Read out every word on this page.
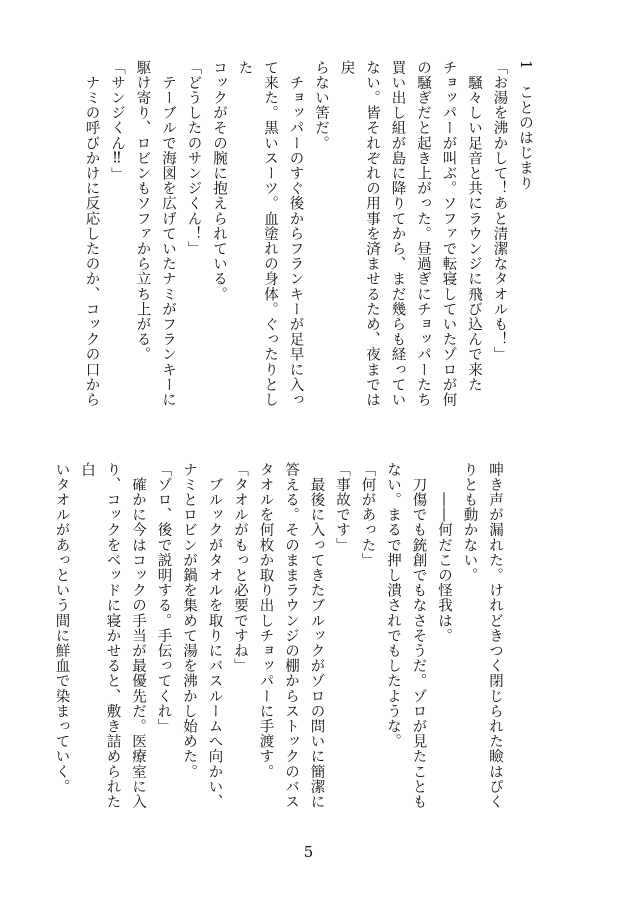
1　ことのはじまり

「お湯を沸かして！あと清潔なタオルも！」

　騒々しい足音と共にラウンジに飛び込んで来た

チョッパーが叫ぶ。ソファで転寝していたゾロが何

の騒ぎだと起き上がった。昼過ぎにチョッパーたち

買い出し組が島に降りてから、まだ幾らも経ってい

ない。皆それぞれの用事を済ませるため、夜までは戻

らない筈だ。

　チョッパーのすぐ後からフランキーが足早に入っ

て来た。黒いスーツ。血塗れの身体。ぐったりとした

コックがその腕に抱えられている。

「どうしたのサンジくん！」

　テーブルで海図を広げていたナミがフランキーに

駆け寄り、ロビンもソファから立ち上がる。

「サンジくん‼」

　ナミの呼びかけに反応したのか、コックの口から

呻き声が漏れた。けれどきつく閉じられた瞼はぴく

りとも動かない。

　　――何だこの怪我は。

　刀傷でも銃創でもなさそうだ。ゾロが見たことも

ない。まるで押し潰されでもしたような。

「何があった」

「事故です」

　最後に入ってきたブルックがゾロの問いに簡潔に

答える。そのままラウンジの棚からストックのバス

タオルを何枚か取り出しチョッパーに手渡す。

「タオルがもっと必要ですね」

　ブルックがタオルを取りにバスルームへ向かい、

ナミとロビンが鍋を集めて湯を沸かし始めた。

「ゾロ、後で説明する。手伝ってくれ」

　確かに今はコックの手当が最優先だ。医療室に入

り、コックをベッドに寝かせると、敷き詰められた白

いタオルがあっという間に鮮血で染まっていく。

5
